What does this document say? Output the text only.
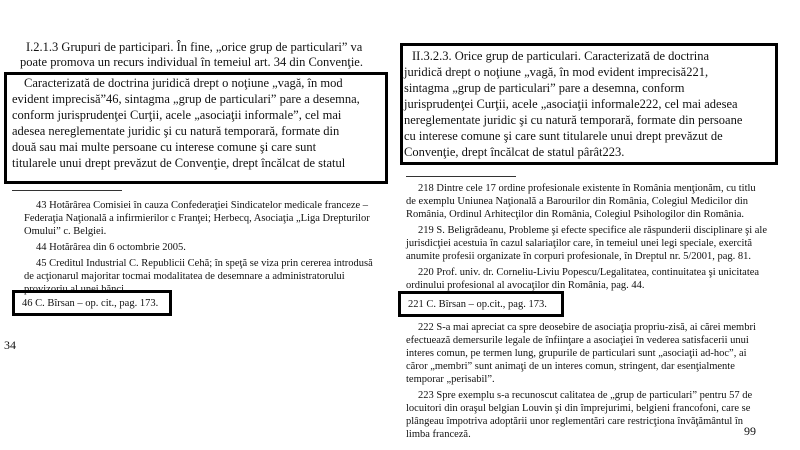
I.2.1.3 Grupuri de participari. În fine, „orice grup de particulari” va
poate promova un recurs individual în temeiul art. 34 din Convenţie.
Caracterizată de doctrina juridică drept o noţiune „vagă, în mod
evident imprecisă”46, sintagma „grup de particulari” pare a desemna,
conform jurisprudenţei Curţii, acele „asociaţii informale”, cel mai
adesea nereglementate juridic şi cu natură temporară, formate din
două sau mai multe persoane cu interese comune şi care sunt
titularele unui drept prevăzut de Convenţie, drept încălcat de statul
43 Hotărârea Comisiei în cauza Confederaţiei Sindicatelor medicale franceze –
Federaţia Naţională a infirmierilor c Franţei; Herbecq, Asociaţia „Liga Drepturilor
Omului” c. Belgiei.
44 Hotărârea din 6 octombrie 2005.
45 Creditul Industrial C. Republicii Cehă; în speţă se viza prin cererea introdusă
de acţionarul majoritar tocmai modalitatea de desemnare a administratorului
provizoriu al unei bănci.
46 C. Bîrsan – op. cit., pag. 173.
34
II.3.2.3. Orice grup de particulari. Caracterizată de doctrina
juridică drept o noţiune „vagă, în mod evident imprecisă221,
sintagma „grup de particulari” pare a desemna, conform
jurisprudenţei Curţii, acele „asociaţii informale222, cel mai adesea
nereglementate juridic şi cu natură temporară, formate din persoane
cu interese comune şi care sunt titularele unui drept prevăzut de
Convenţie, drept încălcat de statul pârât223.
218 Dintre cele 17 ordine profesionale existente în România menţionăm, cu titlu
de exemplu Uniunea Naţională a Barourilor din România, Colegiul Medicilor din
România, Ordinul Arhitecţilor din România, Colegiul Psihologilor din România.
219 S. Beligrădeanu, Probleme şi efecte specifice ale răspunderii disciplinare şi ale
jurisdicţiei acestuia în cazul salariaţilor care, în temeiul unei legi speciale, exercită
anumite profesii organizate în corpuri profesionale, în Dreptul nr. 5/2001, pag. 81.
220 Prof. univ. dr. Corneliu-Liviu Popescu/Legalitatea, continuitatea şi unicitatea
ordinului profesional al avocaţilor din România, pag. 44.
221 C. Bîrsan – op.cit., pag. 173.
222 S-a mai apreciat ca spre deosebire de asociaţia propriu-zisă, ai cărei membri
efectuează demersurile legale de înfiinţare a asociaţiei în vederea satisfacerii unui
interes comun, pe termen lung, grupurile de particulari sunt „asociaţii ad-hoc”, ai
căror „membri” sunt animaţi de un interes comun, stringent, dar esenţialmente
temporar „perisabil”.
223 Spre exemplu s-a recunoscut calitatea de „grup de particulari” pentru 57 de
locuitori din oraşul belgian Louvin şi din împrejurimi, belgieni francofoni, care se
plângeau împotriva adoptării unor reglementări care restricţiona învăţământul în
limba franceză.	99
